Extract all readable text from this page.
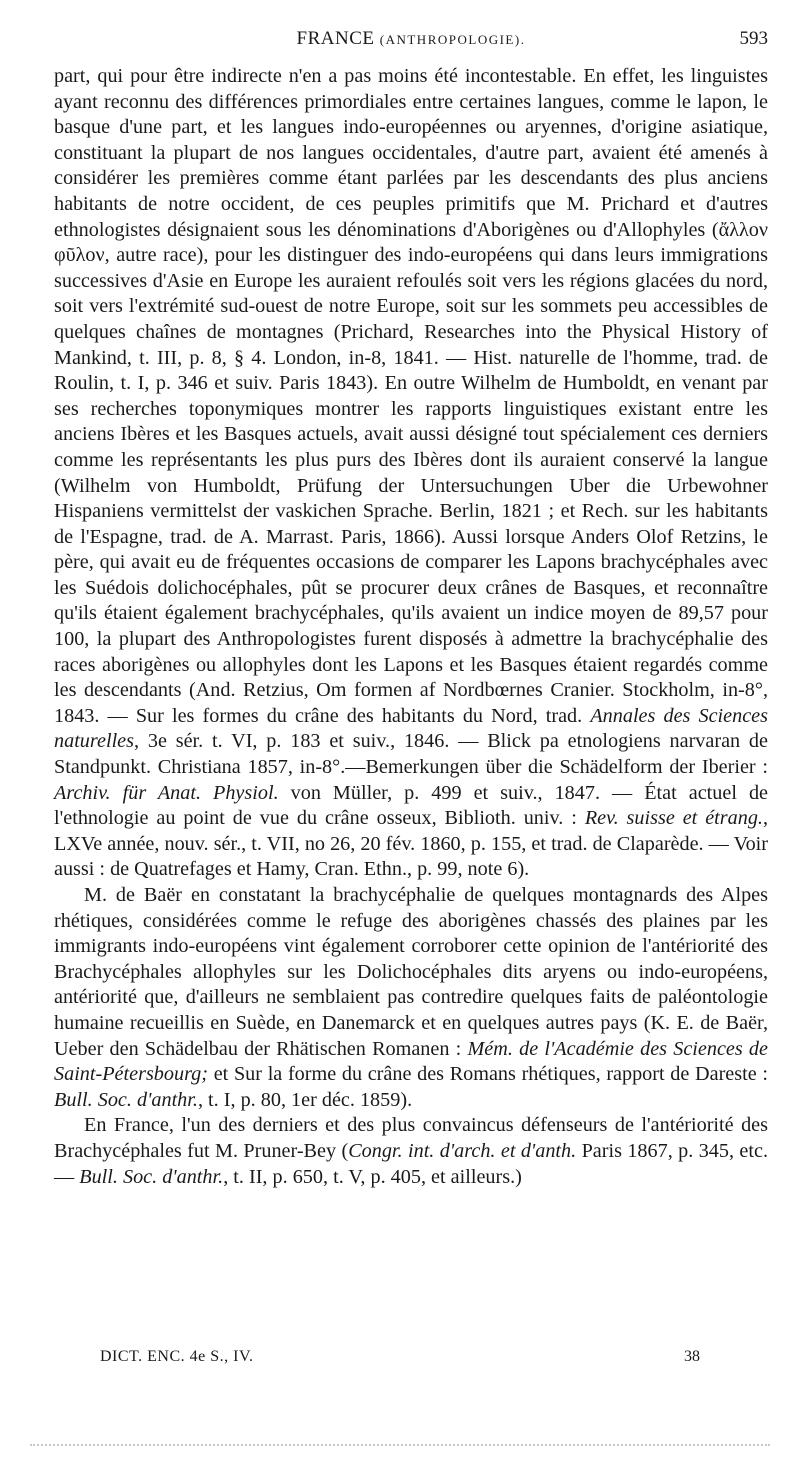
FRANCE (ANTHROPOLOGIE).	593

part, qui pour être indirecte n'en a pas moins été incontestable. En effet, les linguistes ayant reconnu des différences primordiales entre certaines langues, comme le lapon, le basque d'une part, et les langues indo-européennes ou aryennes, d'origine asiatique, constituant la plupart de nos langues occidentales, d'autre part, avaient été amenés à considérer les premières comme étant parlées par les descendants des plus anciens habitants de notre occident, de ces peuples primitifs que M. Prichard et d'autres ethnologistes désignaient sous les dénominations d'Aborigènes ou d'Allophyles (ἄλλον φῦλον, autre race), pour les distinguer des indo-européens qui dans leurs immigrations successives d'Asie en Europe les auraient refoulés soit vers les régions glacées du nord, soit vers l'extrémité sud-ouest de notre Europe, soit sur les sommets peu accessibles de quelques chaînes de montagnes (Prichard, Researches into the Physical History of Mankind, t. III, p. 8, § 4. London, in-8, 1841. — Hist. naturelle de l'homme, trad. de Roulin, t. I, p. 346 et suiv. Paris 1843). En outre Wilhelm de Humboldt, en venant par ses recherches toponymiques montrer les rapports linguistiques existant entre les anciens Ibères et les Basques actuels, avait aussi désigné tout spécialement ces derniers comme les représentants les plus purs des Ibères dont ils auraient conservé la langue (Wilhelm von Humboldt, Prüfung der Untersuchungen Uber die Urbewohner Hispaniens vermittelst der vaskichen Sprache. Berlin, 1821 ; et Rech. sur les habitants de l'Espagne, trad. de A. Marrast. Paris, 1866). Aussi lorsque Anders Olof Retzins, le père, qui avait eu de fréquentes occasions de comparer les Lapons brachycéphales avec les Suédois dolichocéphales, pût se procurer deux crânes de Basques, et reconnaître qu'ils étaient également brachycéphales, qu'ils avaient un indice moyen de 89,57 pour 100, la plupart des Anthropologistes furent disposés à admettre la brachycéphalie des races aborigènes ou allophyles dont les Lapons et les Basques étaient regardés comme les descendants (And. Retzius, Om formen af Nordbœrnes Cranier. Stockholm, in-8°, 1843. — Sur les formes du crâne des habitants du Nord, trad. Annales des Sciences naturelles, 3e sér. t. VI, p. 183 et suiv., 1846. — Blick pa etnologiens narvaran de Standpunkt. Christiana 1857, in-8°.—Bemerkungen über die Schädelform der Iberier : Archiv. für Anat. Physiol. von Müller, p. 499 et suiv., 1847. — État actuel de l'ethnologie au point de vue du crâne osseux, Biblioth. univ. : Rev. suisse et étrang., LXVe année, nouv. sér., t. VII, no 26, 20 fév. 1860, p. 155, et trad. de Claparède. — Voir aussi : de Quatrefages et Hamy, Cran. Ethn., p. 99, note 6).

M. de Baër en constatant la brachycéphalie de quelques montagnards des Alpes rhétiques, considérées comme le refuge des aborigènes chassés des plaines par les immigrants indo-européens vint également corroborer cette opinion de l'antériorité des Brachycéphales allophyles sur les Dolichocéphales dits aryens ou indo-européens, antériorité que, d'ailleurs ne semblaient pas contredire quelques faits de paléontologie humaine recueillis en Suède, en Danemarck et en quelques autres pays (K. E. de Baër, Ueber den Schädelbau der Rhätischen Romanen : Mém. de l'Académie des Sciences de Saint-Pétersbourg; et Sur la forme du crâne des Romans rhétiques, rapport de Dareste : Bull. Soc. d'anthr., t. I, p. 80, 1er déc. 1859).

En France, l'un des derniers et des plus convaincus défenseurs de l'antériorité des Brachycéphales fut M. Pruner-Bey (Congr. int. d'arch. et d'anth. Paris 1867, p. 345, etc. — Bull. Soc. d'anthr., t. II, p. 650, t. V, p. 405, et ailleurs.)

DICT. ENC. 4e S., IV.	38
